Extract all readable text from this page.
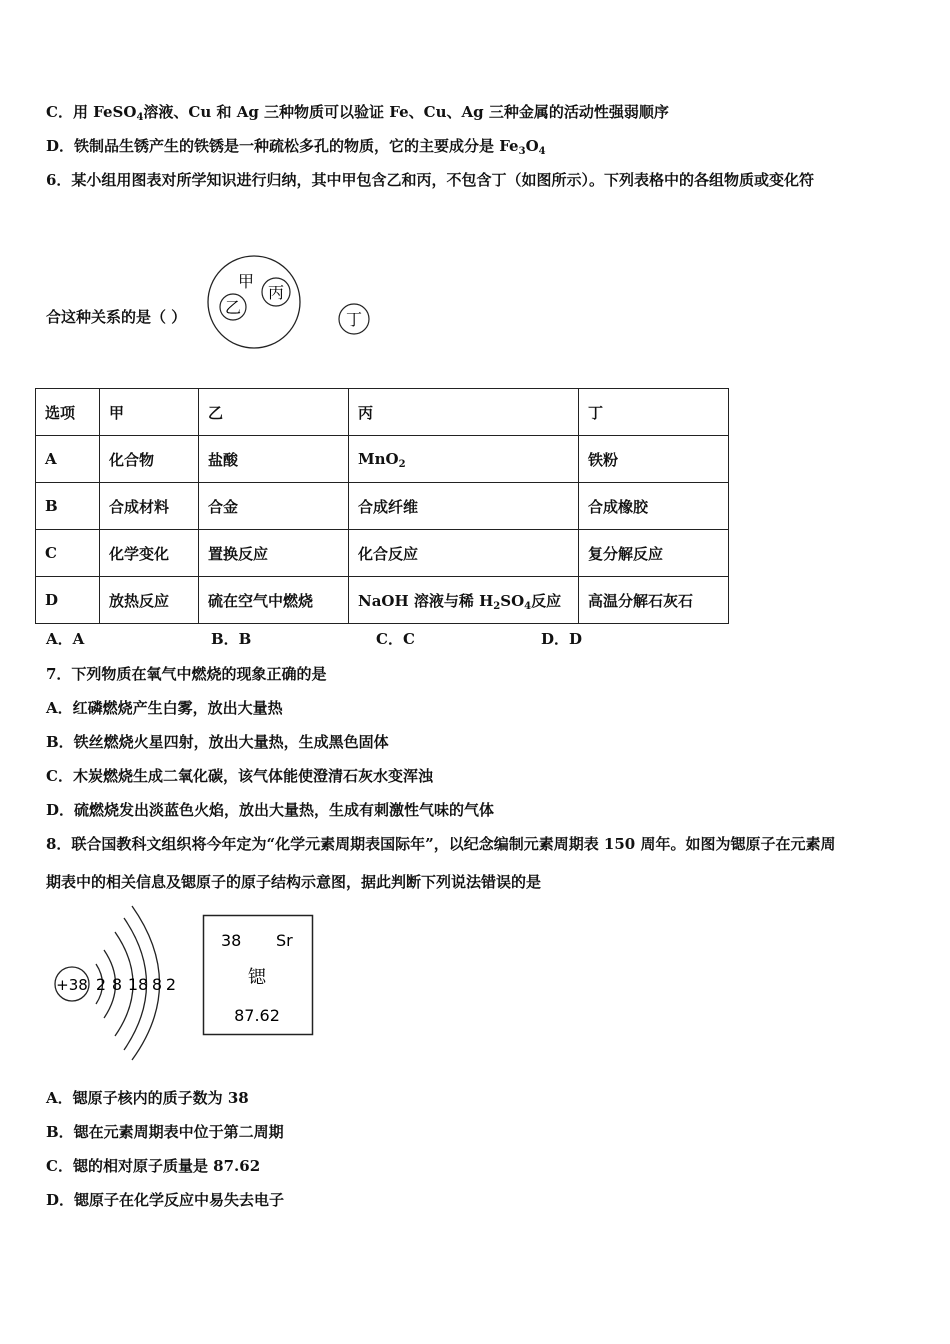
C．用 FeSO$_4$溶液、Cu 和 Ag 三种物质可以验证 Fe、Cu、Ag 三种金属的活动性强弱顺序
D．铁制品生锈产生的铁锈是一种疏松多孔的物质，它的主要成分是 $Fe_3O_4$
6．某小组用图表对所学知识进行归纳，其中甲包含乙和丙，不包含丁（如图所示）。下列表格中的各组物质或变化符
合这种关系的是（ ）
甲
乙
丙
丁
选项	甲	乙	丙	丁
A	化合物	盐酸	MnO$_2$	铁粉
B	合成材料	合金	合成纤维	合成橡胶
C	化学变化	置换反应	化合反应	复分解反应
D	放热反应	硫在空气中燃烧	NaOH 溶液与稀 $H_2SO_4$反应	高温分解石灰石
A．A	B．B	C．C	D．D
7．下列物质在氧气中燃烧的现象正确的是
A．红磷燃烧产生白雾，放出大量热
B．铁丝燃烧火星四射，放出大量热，生成黑色固体
C．木炭燃烧生成二氧化碳，该气体能使澄清石灰水变浑浊
D．硫燃烧发出淡蓝色火焰，放出大量热，生成有刺激性气味的气体
8．联合国教科文组织将今年定为“化学元素周期表国际年”，以纪念编制元素周期表 150 周年。如图为锶原子在元素周
期表中的相关信息及锶原子的原子结构示意图，据此判断下列说法错误的是
+38 2 8 18 8 2
38 Sr
锶
87.62
A．锶原子核内的质子数为 38
B．锶在元素周期表中位于第二周期
C．锶的相对原子质量是 87.62
D．锶原子在化学反应中易失去电子
